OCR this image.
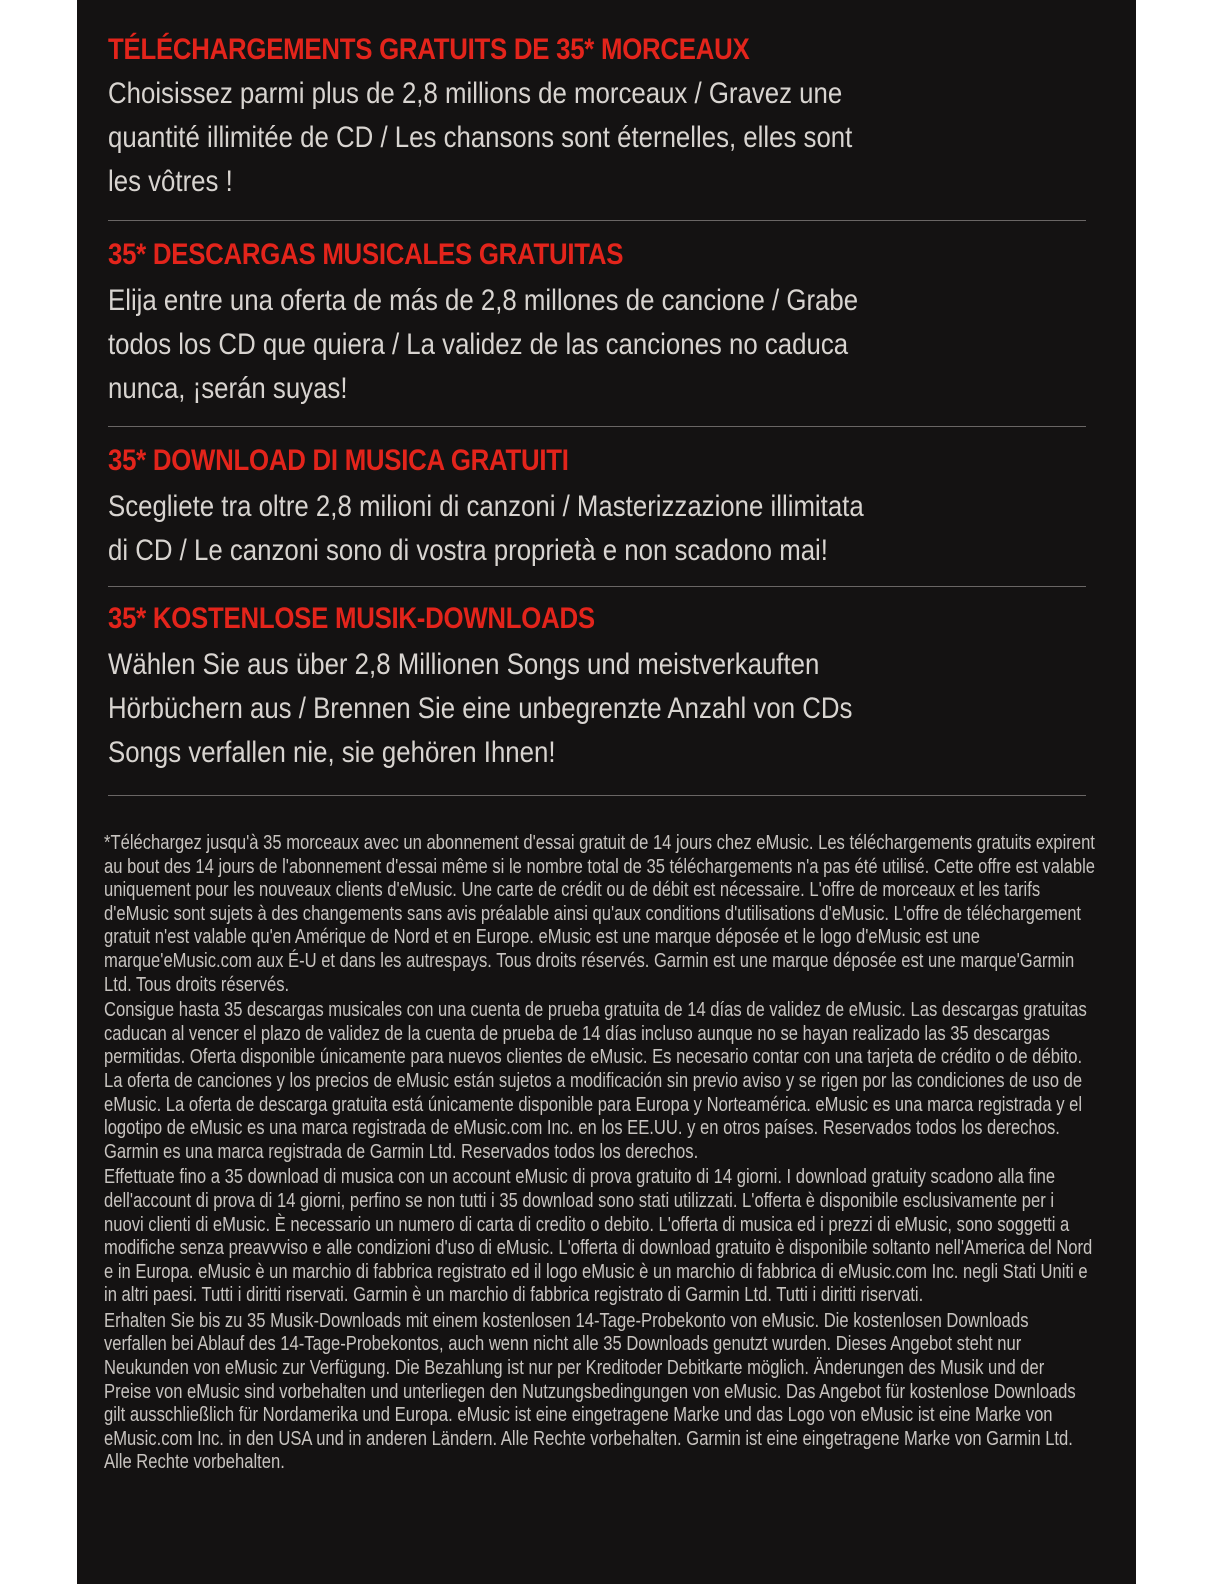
TÉLÉCHARGEMENTS GRATUITS DE 35* MORCEAUX

Choisissez parmi plus de 2,8 millions de morceaux / Gravez une
quantité illimitée de CD / Les chansons sont éternelles, elles sont
les vôtres !

35* DESCARGAS MUSICALES GRATUITAS

Elija entre una oferta de más de 2,8 millones de cancione / Grabe
todos los CD que quiera / La validez de las canciones no caduca
nunca, ¡serán suyas!

35* DOWNLOAD DI MUSICA GRATUITI

Scegliete tra oltre 2,8 milioni di canzoni / Masterizzazione illimitata
di CD / Le canzoni sono di vostra proprietà e non scadono mai!

35* KOSTENLOSE MUSIK-DOWNLOADS

Wählen Sie aus über 2,8 Millionen Songs und meistverkauften
Hörbüchern aus / Brennen Sie eine unbegrenzte Anzahl von CDs
Songs verfallen nie, sie gehören Ihnen!

*Téléchargez jusqu'à 35 morceaux avec un abonnement d'essai gratuit de 14 jours chez eMusic. Les téléchargements gratuits expirent au bout des 14 jours de l'abonnement d'essai même si le nombre total de 35 téléchargements n'a pas été utilisé. Cette offre est valable uniquement pour les nouveaux clients d'eMusic. Une carte de crédit ou de débit est nécessaire. L'offre de morceaux et les tarifs d'eMusic sont sujets à des changements sans avis préalable ainsi qu'aux conditions d'utilisations d'eMusic. L'offre de téléchargement gratuit n'est valable qu'en Amérique de Nord et en Europe. eMusic est une marque déposée et le logo d'eMusic est une marque'eMusic.com aux É-U et dans les autrespays. Tous droits réservés. Garmin est une marque déposée est une marque'Garmin Ltd. Tous droits réservés.

Consigue hasta 35 descargas musicales con una cuenta de prueba gratuita de 14 días de validez de eMusic. Las descargas gratuitas caducan al vencer el plazo de validez de la cuenta de prueba de 14 días incluso aunque no se hayan realizado las 35 descargas permitidas. Oferta disponible únicamente para nuevos clientes de eMusic. Es necesario contar con una tarjeta de crédito o de débito. La oferta de canciones y los precios de eMusic están sujetos a modificación sin previo aviso y se rigen por las condiciones de uso de eMusic. La oferta de descarga gratuita está únicamente disponible para Europa y Norteamérica. eMusic es una marca registrada y el logotipo de eMusic es una marca registrada de eMusic.com Inc. en los EE.UU. y en otros países. Reservados todos los derechos. Garmin es una marca registrada de Garmin Ltd. Reservados todos los derechos.

Effettuate fino a 35 download di musica con un account eMusic di prova gratuito di 14 giorni. I download gratuity scadono alla fine dell'account di prova di 14 giorni, perfino se non tutti i 35 download sono stati utilizzati. L'offerta è disponibile esclusivamente per i nuovi clienti di eMusic. È necessario un numero di carta di credito o debito. L'offerta di musica ed i prezzi di eMusic, sono soggetti a modifiche senza preavvviso e alle condizioni d'uso di eMusic. L'offerta di download gratuito è disponibile soltanto nell'America del Nord e in Europa. eMusic è un marchio di fabbrica registrato ed il logo eMusic è un marchio di fabbrica di eMusic.com Inc. negli Stati Uniti e in altri paesi. Tutti i diritti riservati. Garmin è un marchio di fabbrica registrato di Garmin Ltd. Tutti i diritti riservati.

Erhalten Sie bis zu 35 Musik-Downloads mit einem kostenlosen 14-Tage-Probekonto von eMusic. Die kostenlosen Downloads verfallen bei Ablauf des 14-Tage-Probekontos, auch wenn nicht alle 35 Downloads genutzt wurden. Dieses Angebot steht nur Neukunden von eMusic zur Verfügung. Die Bezahlung ist nur per Kreditoder Debitkarte möglich. Änderungen des Musik und der Preise von eMusic sind vorbehalten und unterliegen den Nutzungsbedingungen von eMusic. Das Angebot für kostenlose Downloads gilt ausschließlich für Nordamerika und Europa. eMusic ist eine eingetragene Marke und das Logo von eMusic ist eine Marke von eMusic.com Inc. in den USA und in anderen Ländern. Alle Rechte vorbehalten. Garmin ist eine eingetragene Marke von Garmin Ltd. Alle Rechte vorbehalten.
